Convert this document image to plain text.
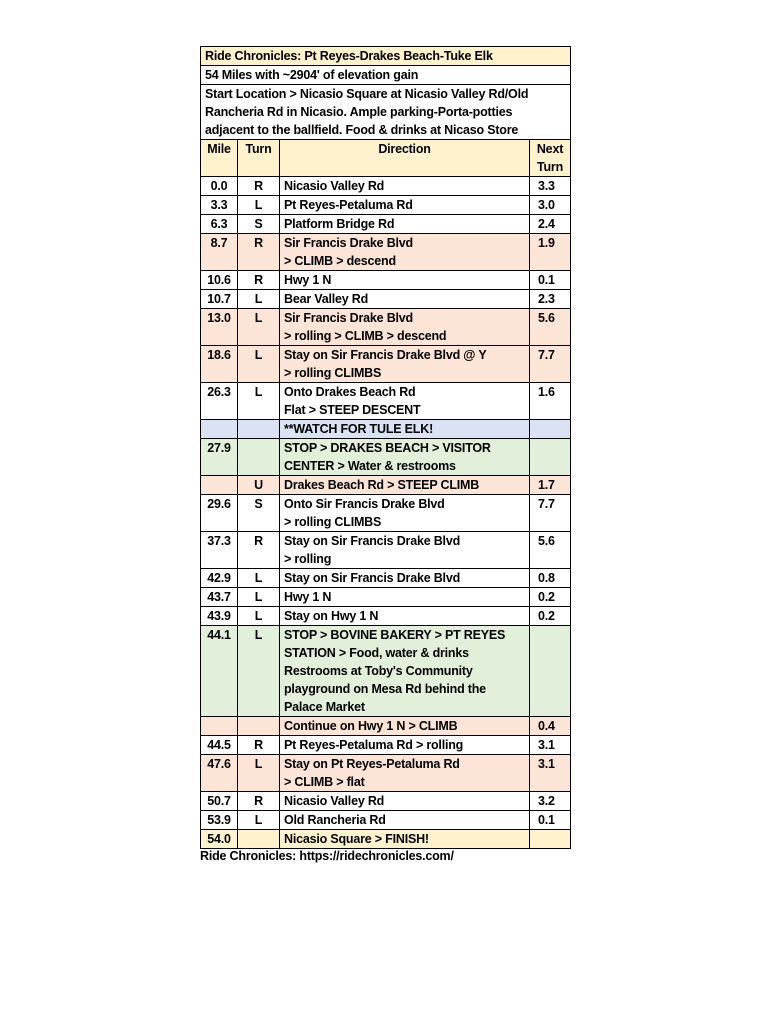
Ride Chronicles: Pt Reyes-Drakes Beach-Tuke Elk			
54 Miles with ~2904' of elevation gain			

Start Location > Nicasio Square at Nicasio Valley Rd/Old
Rancheria Rd in Nicasio. Ample parking-Porta-potties
adjacent to the ballfield. Food & drinks at Nicaso Store			

Mile	Turn	Direction	Next
Turn

0.0	R	Nicasio Valley Rd	3.3
3.3	L	Pt Reyes-Petaluma Rd	3.0
6.3	S	Platform Bridge Rd	2.4
8.7	R	Sir Francis Drake Blvd
> CLIMB > descend	1.9
10.6	R	Hwy 1 N	0.1
10.7	L	Bear Valley Rd	2.3
13.0	L	Sir Francis Drake Blvd
> rolling > CLIMB > descend	5.6
18.6	L	Stay on Sir Francis Drake Blvd @ Y
> rolling CLIMBS	7.7
26.3	L	Onto Drakes Beach Rd
Flat > STEEP DESCENT	1.6

		**WATCH FOR TULE ELK!	

27.9		STOP > DRAKES BEACH > VISITOR
CENTER > Water & restrooms	

	U	Drakes Beach Rd > STEEP CLIMB	1.7
29.6	S	Onto Sir Francis Drake Blvd
> rolling CLIMBS	7.7
37.3	R	Stay on Sir Francis Drake Blvd
> rolling	5.6
42.9	L	Stay on Sir Francis Drake Blvd	0.8
43.7	L	Hwy 1 N	0.2
43.9	L	Stay on Hwy 1 N	0.2
44.1	L	STOP > BOVINE BAKERY > PT REYES
STATION > Food, water & drinks
Restrooms at Toby's Community
playground on Mesa Rd behind the
Palace Market	

		Continue on Hwy 1 N > CLIMB	0.4
44.5	R	Pt Reyes-Petaluma Rd > rolling	3.1
47.6	L	Stay on Pt Reyes-Petaluma Rd
> CLIMB > flat	3.1
50.7	R	Nicasio Valley Rd	3.2
53.9	L	Old Rancheria Rd	0.1
54.0		Nicasio Square > FINISH!	

Ride Chronicles: https://ridechronicles.com/
